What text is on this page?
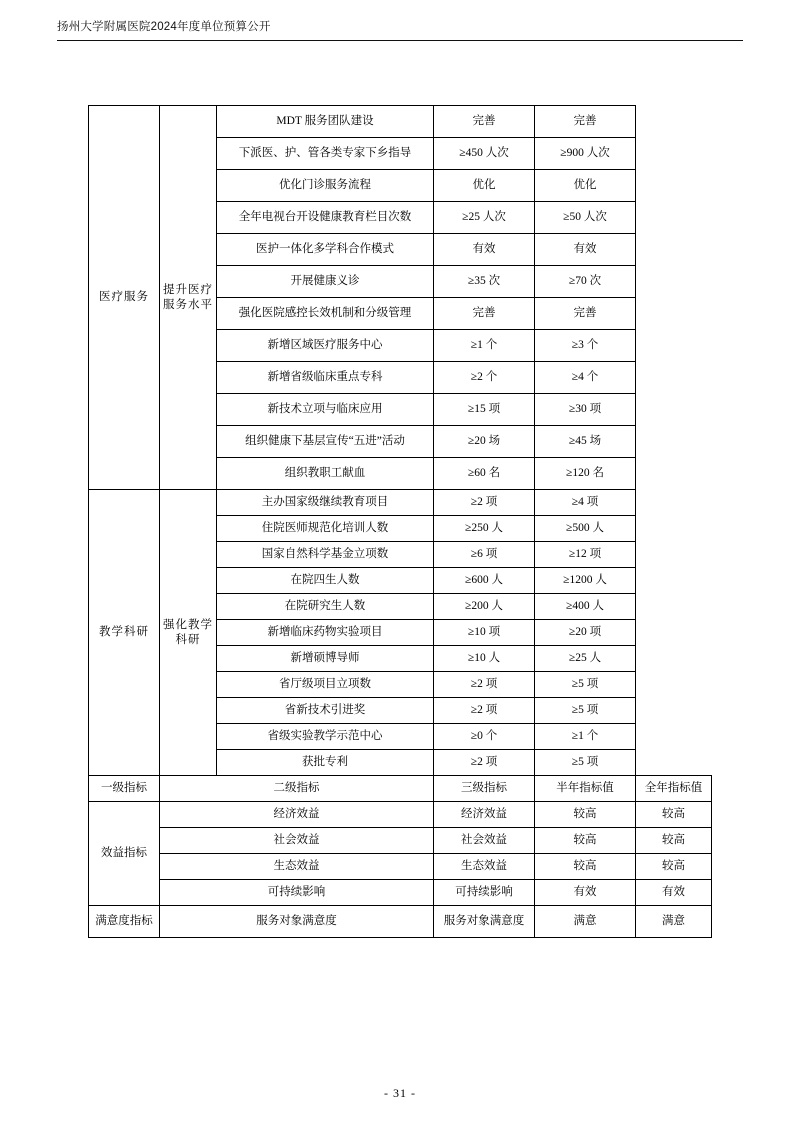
扬州大学附属医院2024年度单位预算公开
医疗服务	提升医疗服务水平	MDT 服务团队建设	完善	完善	
		下派医、护、管各类专家下乡指导	≥450 人次	≥900 人次	
		优化门诊服务流程	优化	优化	
		全年电视台开设健康教育栏目次数	≥25 人次	≥50 人次	
		医护一体化多学科合作模式	有效	有效	
		开展健康义诊	≥35 次	≥70 次	
		强化医院感控长效机制和分级管理	完善	完善	
		新增区域医疗服务中心	≥1 个	≥3 个	
		新增省级临床重点专科	≥2 个	≥4 个	
		新技术立项与临床应用	≥15 项	≥30 项	
		组织健康下基层宣传“五进”活动	≥20 场	≥45 场	
		组织教职工献血	≥60 名	≥120 名	
教学科研	强化教学科研	主办国家级继续教育项目	≥2 项	≥4 项	
		住院医师规范化培训人数	≥250 人	≥500 人	
		国家自然科学基金立项数	≥6 项	≥12 项	
		在院四生人数	≥600 人	≥1200 人	
		在院研究生人数	≥200 人	≥400 人	
		新增临床药物实验项目	≥10 项	≥20 项	
		新增硕博导师	≥10 人	≥25 人	
		省厅级项目立项数	≥2 项	≥5 项	
		省新技术引进奖	≥2 项	≥5 项	
		省级实验教学示范中心	≥0 个	≥1 个	
		获批专利	≥2 项	≥5 项	
一级指标	二级指标		三级指标	半年指标值	全年指标值
效益指标	经济效益		经济效益	较高	较高
	社会效益		社会效益	较高	较高
	生态效益		生态效益	较高	较高
	可持续影响		可持续影响	有效	有效
满意度指标	服务对象满意度		服务对象满意度	满意	满意
- 31 -
